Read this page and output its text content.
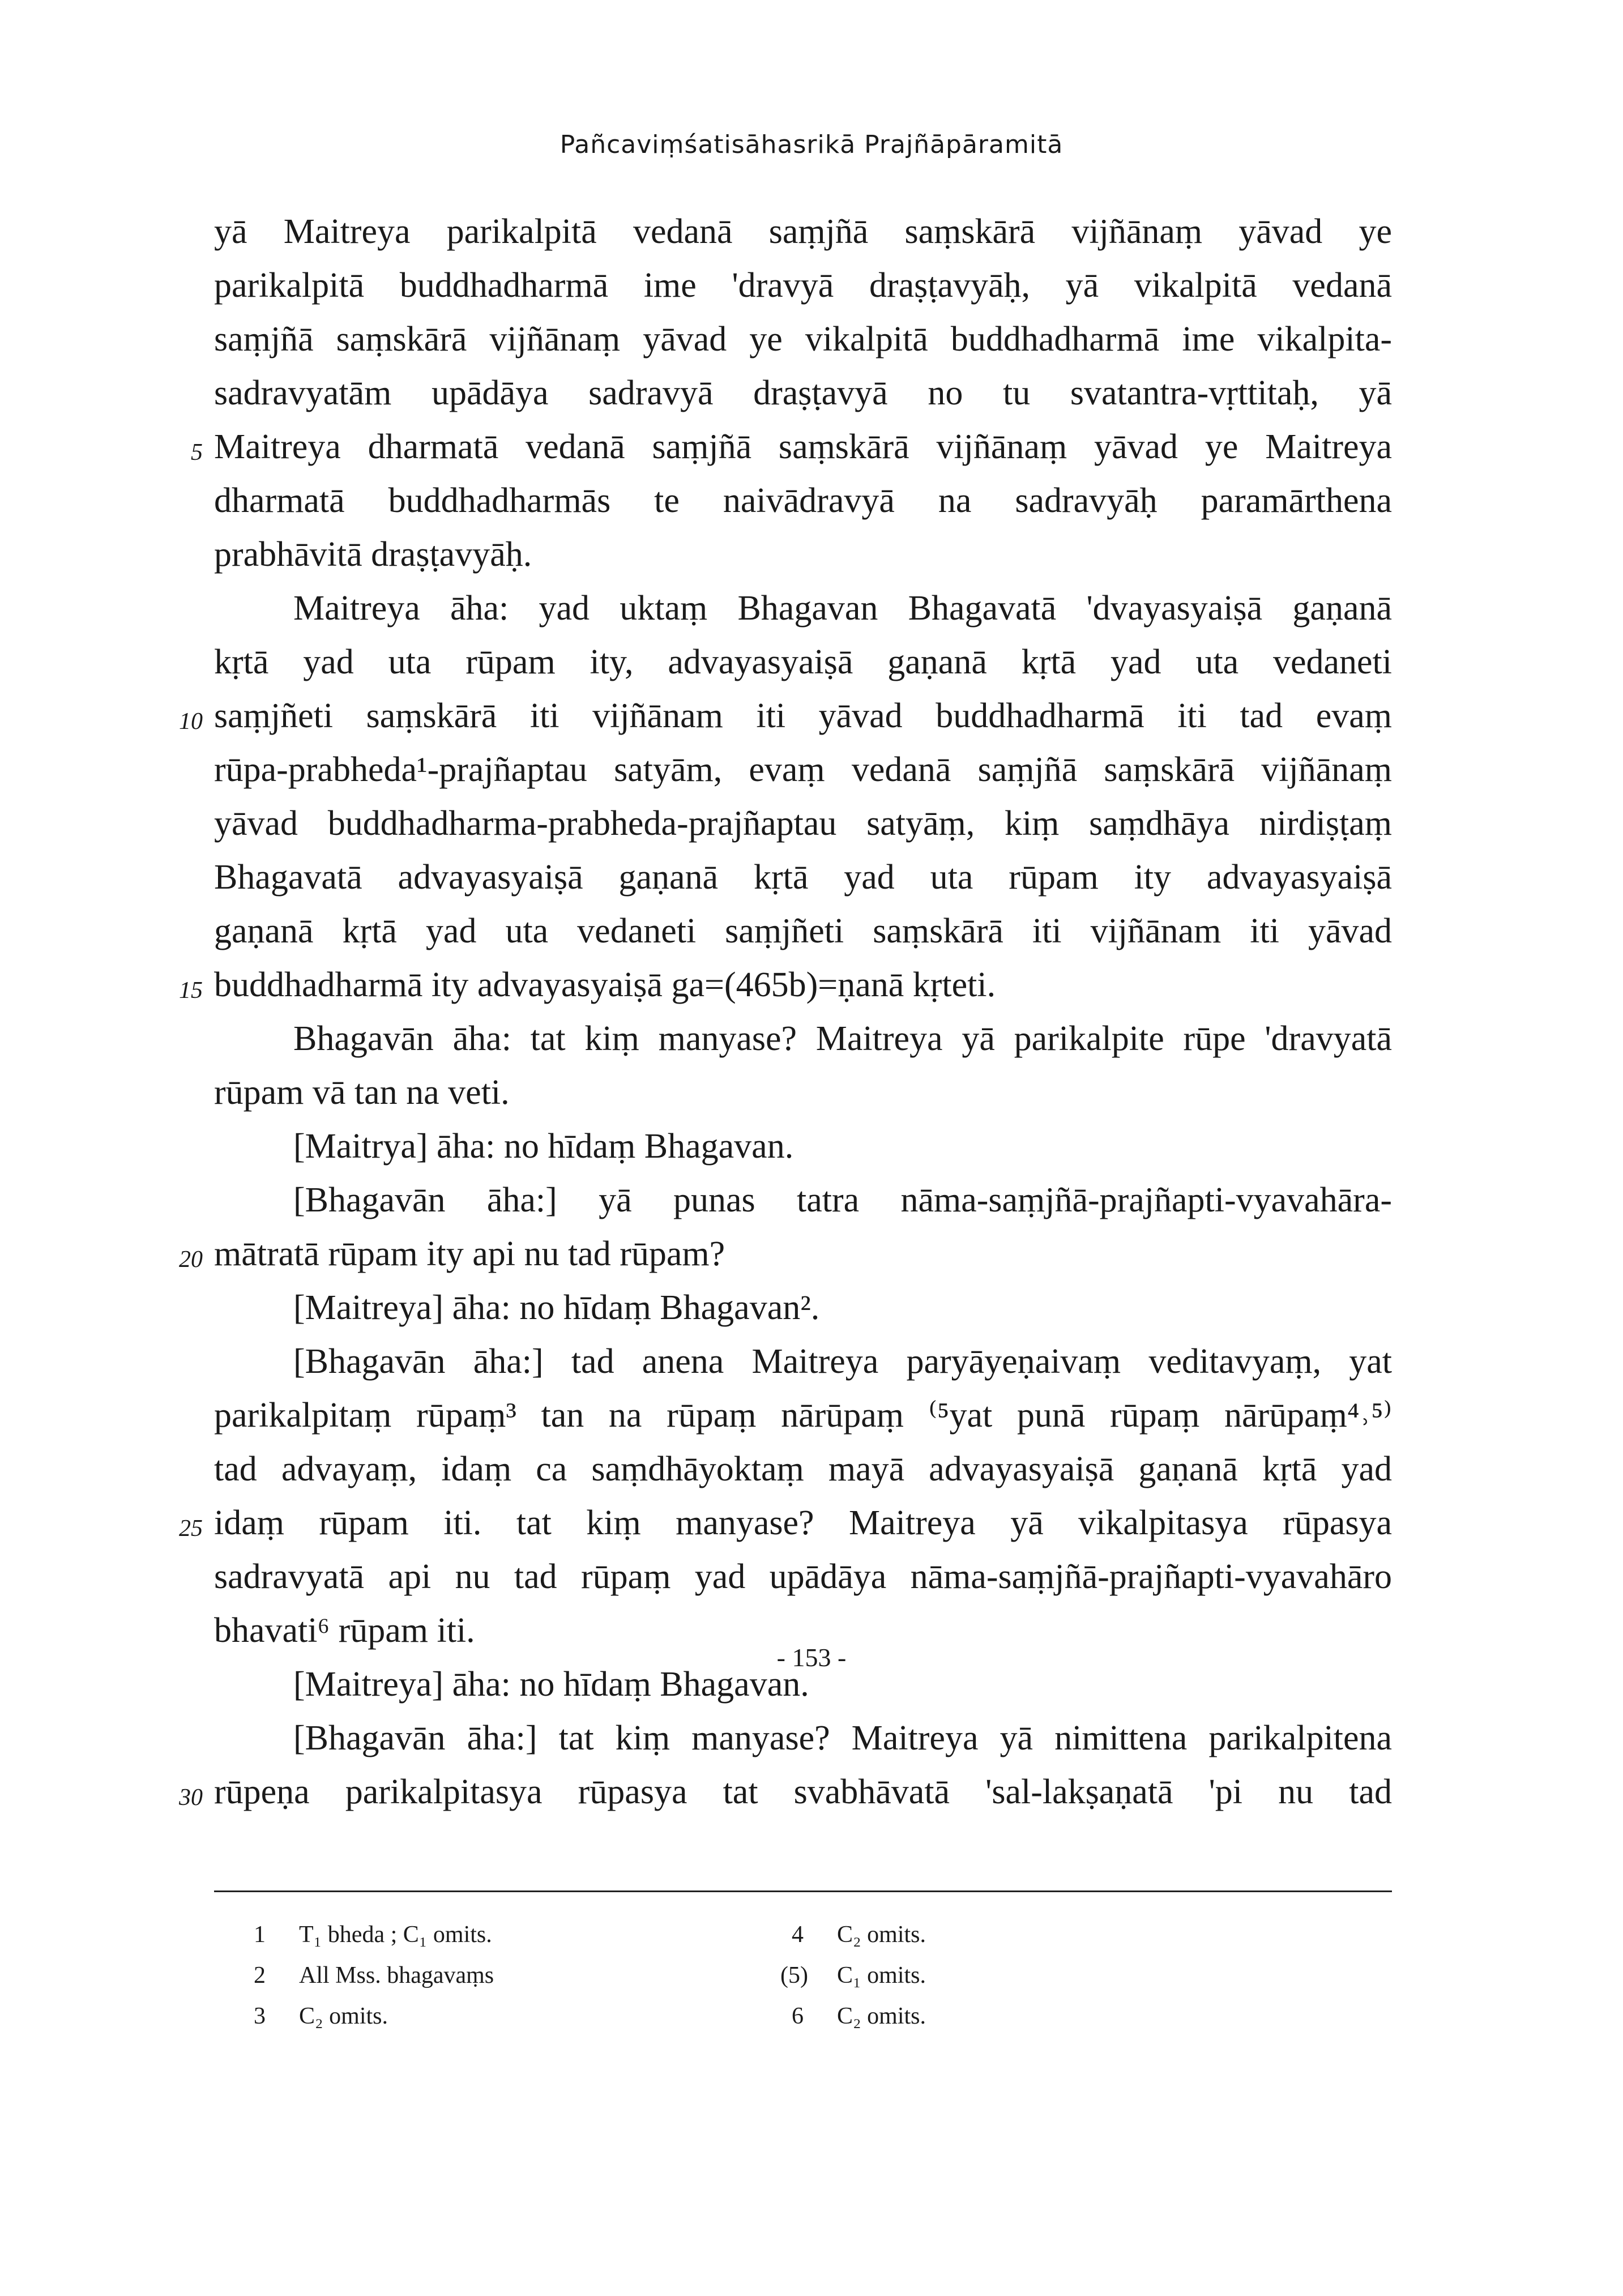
Pañcaviṃśatisāhasrikā Prajñāpāramitā
yā Maitreya parikalpitā vedanā saṃjñā saṃskārā vijñānaṃ yāvad ye
parikalpitā buddhadharmā ime 'dravyā draṣṭavyāḥ, yā vikalpitā vedanā
saṃjñā saṃskārā vijñānaṃ yāvad ye vikalpitā buddhadharmā ime vikalpita-
sadravyatām upādāya sadravyā draṣṭavyā no tu svatantra-vṛttitaḥ, yā
5 Maitreya dharmatā vedanā saṃjñā saṃskārā vijñānaṃ yāvad ye Maitreya
dharmatā buddhadharmās te naivādravyā na sadravyāḥ paramārthena
prabhāvitā draṣṭavyāḥ.
Maitreya āha: yad uktaṃ Bhagavan Bhagavatā 'dvayasyaiṣā gaṇanā
kṛtā yad uta rūpam ity, advayasyaiṣā gaṇanā kṛtā yad uta vedaneti
10 saṃjñeti saṃskārā iti vijñānam iti yāvad buddhadharmā iti tad evaṃ
rūpa-prabheda¹-prajñaptau satyām, evaṃ vedanā saṃjñā saṃskārā vijñānaṃ
yāvad buddhadharma-prabheda-prajñaptau satyāṃ, kiṃ saṃdhāya nirdiṣṭaṃ
Bhagavatā advayasyaiṣā gaṇanā kṛtā yad uta rūpam ity advayasyaiṣā
gaṇanā kṛtā yad uta vedaneti saṃjñeti saṃskārā iti vijñānam iti yāvad
15 buddhadharmā ity advayasyaiṣā ga=(465b)=ṇanā kṛteti.
Bhagavān āha: tat kiṃ manyase? Maitreya yā parikalpite rūpe 'dravyatā
rūpam vā tan na veti.
[Maitrya] āha: no hīdaṃ Bhagavan.
[Bhagavān āha:] yā punas tatra nāma-saṃjñā-prajñapti-vyavahāra-
20 mātratā rūpam ity api nu tad rūpam?
[Maitreya] āha: no hīdaṃ Bhagavan².
[Bhagavān āha:] tad anena Maitreya paryāyeṇaivaṃ veditavyaṃ, yat
parikalpitaṃ rūpaṃ³ tan na rūpaṃ nārūpaṃ ⁽⁵yat punā rūpaṃ nārūpaṃ⁴˒⁵⁾
tad advayaṃ, idaṃ ca saṃdhāyoktaṃ mayā advayasyaiṣā gaṇanā kṛtā yad
25 idaṃ rūpam iti. tat kiṃ manyase? Maitreya yā vikalpitasya rūpasya
sadravyatā api nu tad rūpaṃ yad upādāya nāma-saṃjñā-prajñapti-vyavahāro
bhavati⁶ rūpam iti.
[Maitreya] āha: no hīdaṃ Bhagavan.
[Bhagavān āha:] tat kiṃ manyase? Maitreya yā nimittena parikalpitena
30 rūpeṇa parikalpitasya rūpasya tat svabhāvatā 'sal-lakṣaṇatā 'pi nu tad
1 T₁ bheda ; C₁ omits.
2 All Mss. bhagavaṃs
3 C₂ omits.
4 C₂ omits.
(5) C₁ omits.
6 C₂ omits.
- 153 -
